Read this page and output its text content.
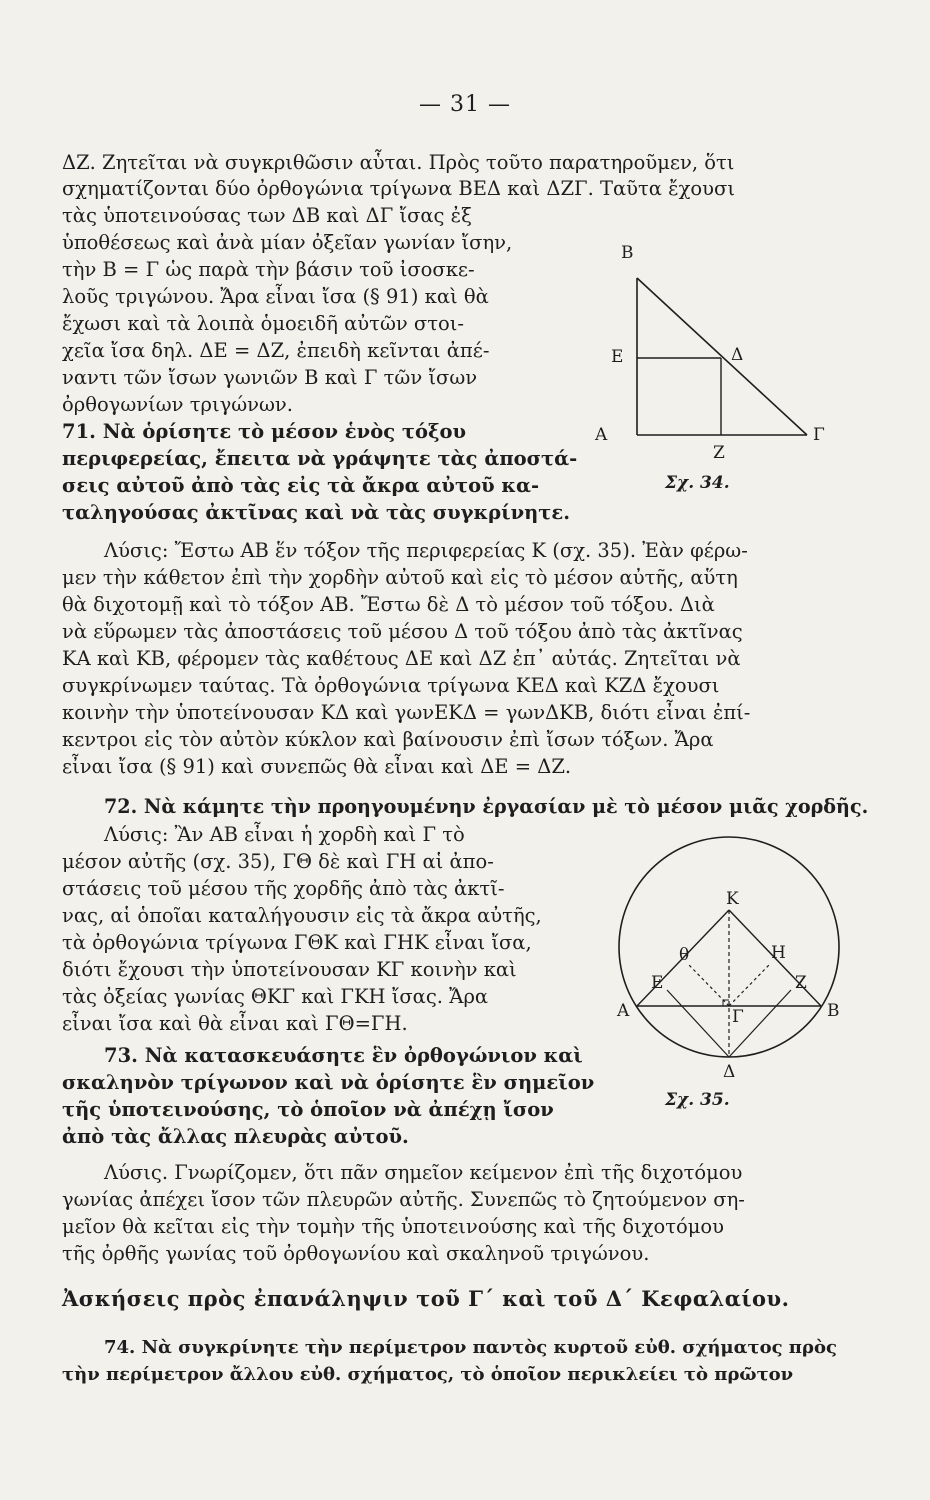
— 31 —
ΔΖ. Ζητεῖται νὰ συγκριθῶσιν αὗται. Πρὸς τοῦτο παρατηροῦμεν, ὅτι
σχηματίζονται δύο ὀρθογώνια τρίγωνα ΒΕΔ καὶ ΔΖΓ. Ταῦτα ἔχουσι
τὰς ὑποτεινούσας των ΔΒ καὶ ΔΓ ἴσας ἐξ
ὑποθέσεως καὶ ἀνὰ μίαν ὀξεῖαν γωνίαν ἴσην,
τὴν Β = Γ ὡς παρὰ τὴν βάσιν τοῦ ἰσοσκε-
λοῦς τριγώνου. Ἄρα εἶναι ἴσα (§ 91) καὶ θὰ
ἔχωσι καὶ τὰ λοιπὰ ὁμοειδῆ αὐτῶν στοι-
χεῖα ἴσα δηλ. ΔΕ = ΔΖ, ἐπειδὴ κεῖνται ἀπέ-
ναντι τῶν ἴσων γωνιῶν Β καὶ Γ τῶν ἴσων
ὀρθογωνίων τριγώνων.
Β
Ε	Δ
Α
Ζ
Γ
Σχ. 34.
71. Νὰ ὁρίσητε τὸ μέσον ἑνὸς τόξου
περιφερείας, ἔπειτα νὰ γράψητε τὰς ἀποστά-
σεις αὐτοῦ ἀπὸ τὰς εἰς τὰ ἄκρα αὐτοῦ κα-
ταληγούσας ἀκτῖνας καὶ νὰ τὰς συγκρίνητε.
Λύσις: Ἔστω ΑΒ ἕν τόξον τῆς περιφερείας Κ (σχ. 35). Ἐὰν φέρω-
μεν τὴν κάθετον ἐπὶ τὴν χορδὴν αὐτοῦ καὶ εἰς τὸ μέσον αὐτῆς, αὕτη
θὰ διχοτομῇ καὶ τὸ τόξον ΑΒ. Ἔστω δὲ Δ τὸ μέσον τοῦ τόξου. Διὰ
νὰ εὕρωμεν τὰς ἀποστάσεις τοῦ μέσου Δ τοῦ τόξου ἀπὸ τὰς ἀκτῖνας
ΚΑ καὶ ΚΒ, φέρομεν τὰς καθέτους ΔΕ καὶ ΔΖ ἐπ᾽ αὐτάς. Ζητεῖται νὰ
συγκρίνωμεν ταύτας. Τὰ ὀρθογώνια τρίγωνα ΚΕΔ καὶ ΚΖΔ ἔχουσι
κοινὴν τὴν ὑποτείνουσαν ΚΔ καὶ γωνΕΚΔ = γωνΔΚΒ, διότι εἶναι ἐπί-
κεντροι εἰς τὸν αὐτὸν κύκλον καὶ βαίνουσιν ἐπὶ ἴσων τόξων. Ἄρα
εἶναι ἴσα (§ 91) καὶ συνεπῶς θὰ εἶναι καὶ ΔΕ = ΔΖ.
72. Νὰ κάμητε τὴν προηγουμένην ἐργασίαν μὲ τὸ μέσον μιᾶς χορδῆς.
Λύσις: Ἂν ΑΒ εἶναι ἡ χορδὴ καὶ Γ τὸ
μέσον αὐτῆς (σχ. 35), ΓΘ δὲ καὶ ΓΗ αἱ ἀπο-
στάσεις τοῦ μέσου τῆς χορδῆς ἀπὸ τὰς ἀκτῖ-
νας, αἱ ὁποῖαι καταλήγουσιν εἰς τὰ ἄκρα αὐτῆς,
τὰ ὀρθογώνια τρίγωνα ΓΘΚ καὶ ΓΗΚ εἶναι ἴσα,
διότι ἔχουσι τὴν ὑποτείνουσαν ΚΓ κοινὴν καὶ
τὰς ὀξείας γωνίας ΘΚΓ καὶ ΓΚΗ ἴσας. Ἄρα
εἶναι ἴσα καὶ θὰ εἶναι καὶ ΓΘ=ΓΗ.
Κ
θ	Η
Ε	Ζ
Α	Β
Γ
Δ
Σχ. 35.
73. Νὰ κατασκευάσητε ἓν ὀρθογώνιον καὶ
σκαληνὸν τρίγωνον καὶ νὰ ὁρίσητε ἓν σημεῖον
τῆς ὑποτεινούσης, τὸ ὁποῖον νὰ ἀπέχῃ ἴσον
ἀπὸ τὰς ἄλλας πλευρὰς αὐτοῦ.
Λύσις. Γνωρίζομεν, ὅτι πᾶν σημεῖον κείμενον ἐπὶ τῆς διχοτόμου
γωνίας ἀπέχει ἴσον τῶν πλευρῶν αὐτῆς. Συνεπῶς τὸ ζητούμενον ση-
μεῖον θὰ κεῖται εἰς τὴν τομὴν τῆς ὑποτεινούσης καὶ τῆς διχοτόμου
τῆς ὀρθῆς γωνίας τοῦ ὀρθογωνίου καὶ σκαληνοῦ τριγώνου.
Ἀσκήσεις πρὸς ἐπανάληψιν τοῦ Γ΄ καὶ τοῦ Δ΄ Κεφαλαίου.
74. Νὰ συγκρίνητε τὴν περίμετρον παντὸς κυρτοῦ εὐθ. σχήματος πρὸς
τὴν περίμετρον ἄλλου εὐθ. σχήματος, τὸ ὁποῖον περικλείει τὸ πρῶτον
